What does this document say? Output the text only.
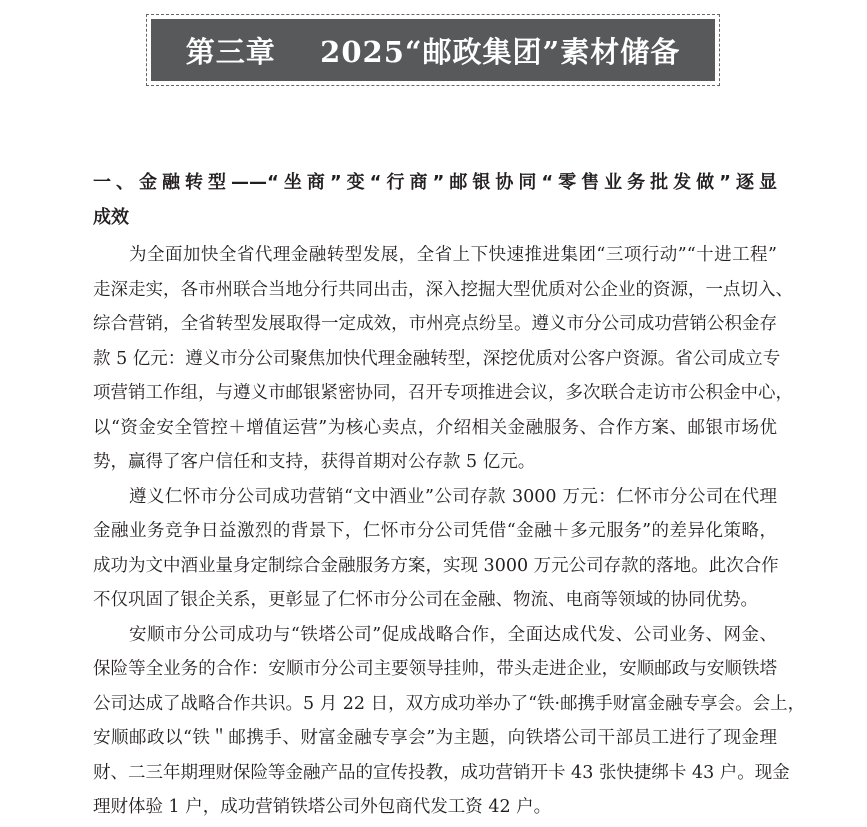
第三章
2025“邮政集团”素材储备
一、金融转型——“坐商”变“行商”邮银协同“零售业务批发做”逐显
成效
为全面加快全省代理金融转型发展，全省上下快速推进集团“三项行动”“十进工程”
走深走实，各市州联合当地分行共同出击，深入挖掘大型优质对公企业的资源，一点切入、
综合营销，全省转型发展取得一定成效，市州亮点纷呈。遵义市分公司成功营销公积金存
款 5 亿元：遵义市分公司聚焦加快代理金融转型，深挖优质对公客户资源。省公司成立专
项营销工作组，与遵义市邮银紧密协同，召开专项推进会议，多次联合走访市公积金中心，
以“资金安全管控＋增值运营”为核心卖点，介绍相关金融服务、合作方案、邮银市场优
势，赢得了客户信任和支持，获得首期对公存款 5 亿元。
遵义仁怀市分公司成功营销“文中酒业”公司存款 3000 万元：仁怀市分公司在代理
金融业务竞争日益激烈的背景下，仁怀市分公司凭借“金融＋多元服务”的差异化策略，
成功为文中酒业量身定制综合金融服务方案，实现 3000 万元公司存款的落地。此次合作
不仅巩固了银企关系，更彰显了仁怀市分公司在金融、物流、电商等领域的协同优势。
安顺市分公司成功与“铁塔公司”促成战略合作，全面达成代发、公司业务、网金、
保险等全业务的合作：安顺市分公司主要领导挂帅，带头走进企业，安顺邮政与安顺铁塔
公司达成了战略合作共识。5 月 22 日，双方成功举办了“铁·邮携手财富金融专享会。会上，
安顺邮政以“铁＂邮携手、财富金融专享会”为主题，向铁塔公司干部员工进行了现金理
财、二三年期理财保险等金融产品的宣传投教，成功营销开卡 43 张快捷绑卡 43 户。现金
理财体验 1 户，成功营销铁塔公司外包商代发工资 42 户。
